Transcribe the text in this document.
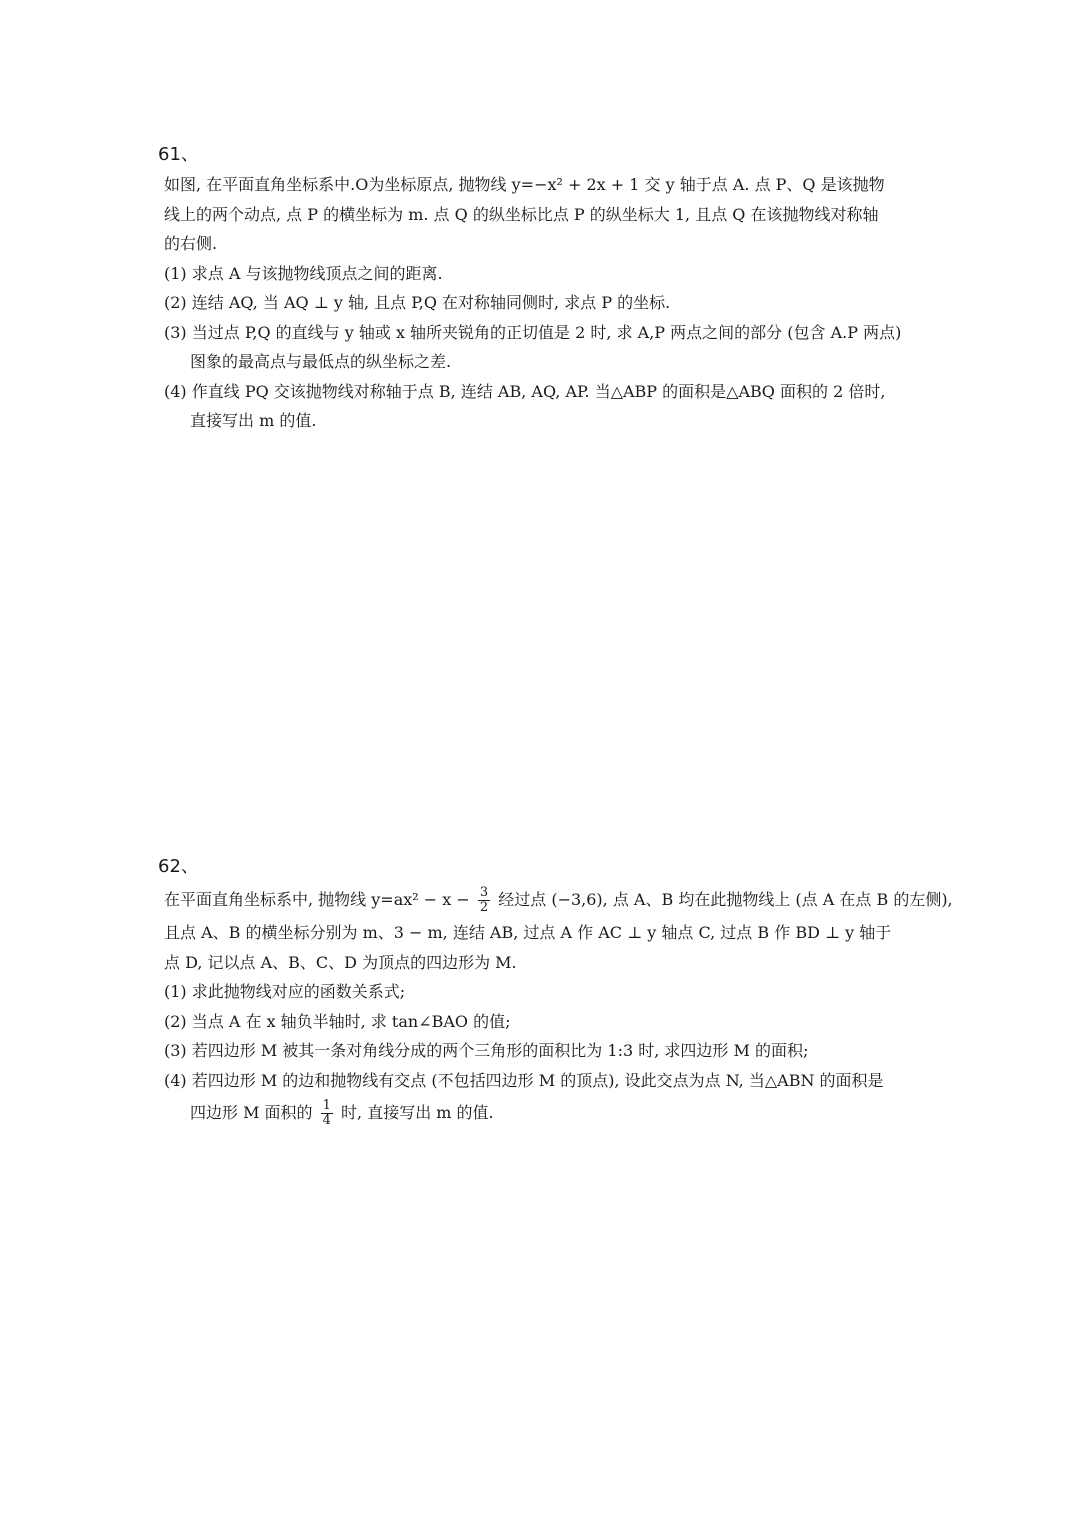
61、
如图, 在平面直角坐标系中.O为坐标原点, 抛物线 y=−x² + 2x + 1 交 y 轴于点 A. 点 P、Q 是该抛物
线上的两个动点, 点 P 的横坐标为 m. 点 Q 的纵坐标比点 P 的纵坐标大 1, 且点 Q 在该抛物线对称轴
的右侧.
(1) 求点 A 与该抛物线顶点之间的距离.
(2) 连结 AQ, 当 AQ ⊥ y 轴, 且点 P,Q 在对称轴同侧时, 求点 P 的坐标.
(3) 当过点 P,Q 的直线与 y 轴或 x 轴所夹锐角的正切值是 2 时, 求 A,P 两点之间的部分 (包含 A.P 两点)
图象的最高点与最低点的纵坐标之差.
(4) 作直线 PQ 交该抛物线对称轴于点 B, 连结 AB, AQ, AP. 当△ABP 的面积是△ABQ 面积的 2 倍时,
直接写出 m 的值.
62、
在平面直角坐标系中, 抛物线 $y=ax^2 - x - \frac{3}{2}$ 经过点 (−3,6), 点 A、B 均在此抛物线上 (点 A 在点 B 的左侧),
且点 A、B 的横坐标分别为 m、3 − m, 连结 AB, 过点 A 作 AC ⊥ y 轴点 C, 过点 B 作 BD ⊥ y 轴于
点 D, 记以点 A、B、C、D 为顶点的四边形为 M.
(1) 求此抛物线对应的函数关系式;
(2) 当点 A 在 x 轴负半轴时, 求 tan∠BAO 的值;
(3) 若四边形 M 被其一条对角线分成的两个三角形的面积比为 1:3 时, 求四边形 M 的面积;
(4) 若四边形 M 的边和抛物线有交点 (不包括四边形 M 的顶点), 设此交点为点 N, 当△ABN 的面积是
四边形 M 面积的 $\frac{1}{4}$ 时, 直接写出 m 的值.
